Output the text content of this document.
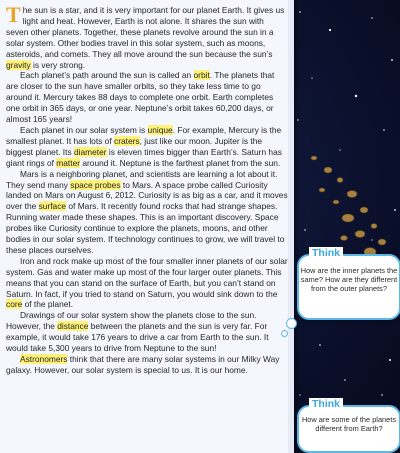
The sun is a star, and it is very important for our planet Earth. It gives us light and heat. However, Earth is not alone. It shares the sun with seven other planets. Together, these planets revolve around the sun in a solar system. Other bodies travel in this solar system, such as moons, asteroids, and comets. They all move around the sun because the sun’s gravity is very strong.

Each planet’s path around the sun is called an orbit. The planets that are closer to the sun have smaller orbits, so they take less time to go around it. Mercury takes 88 days to complete one orbit. Earth completes one orbit in 365 days, or one year. Neptune’s orbit takes 60,200 days, or almost 165 years!

Each planet in our solar system is unique. For example, Mercury is the smallest planet. It has lots of craters, just like our moon. Jupiter is the biggest planet. Its diameter is eleven times bigger than Earth’s. Saturn has giant rings of matter around it. Neptune is the farthest planet from the sun.

Mars is a neighboring planet, and scientists are learning a lot about it. They send many space probes to Mars. A space probe called Curiosity landed on Mars on August 6, 2012. Curiosity is as big as a car, and it moves over the surface of Mars. It recently found rocks that had strange shapes. Running water made these shapes. This is an important discovery. Space probes like Curiosity continue to explore the planets, moons, and other bodies in our solar system. If technology continues to grow, we will travel to these places ourselves.

Iron and rock make up most of the four smaller inner planets of our solar system. Gas and water make up most of the four larger outer planets. This means that you can stand on the surface of Earth, but you can’t stand on Saturn. In fact, if you tried to stand on Saturn, you would sink down to the core of the planet.

Drawings of our solar system show the planets close to the sun. However, the distance between the planets and the sun is very far. For example, it would take 176 years to drive a car from Earth to the sun. It would take 5,300 years to drive from Neptune to the sun!

Astronomers think that there are many solar systems in our Milky Way galaxy. However, our solar system is special to us. It is our home.

Think
How are the inner planets the same? How are they different from the outer planets?
Think
How are some of the planets different from Earth?
